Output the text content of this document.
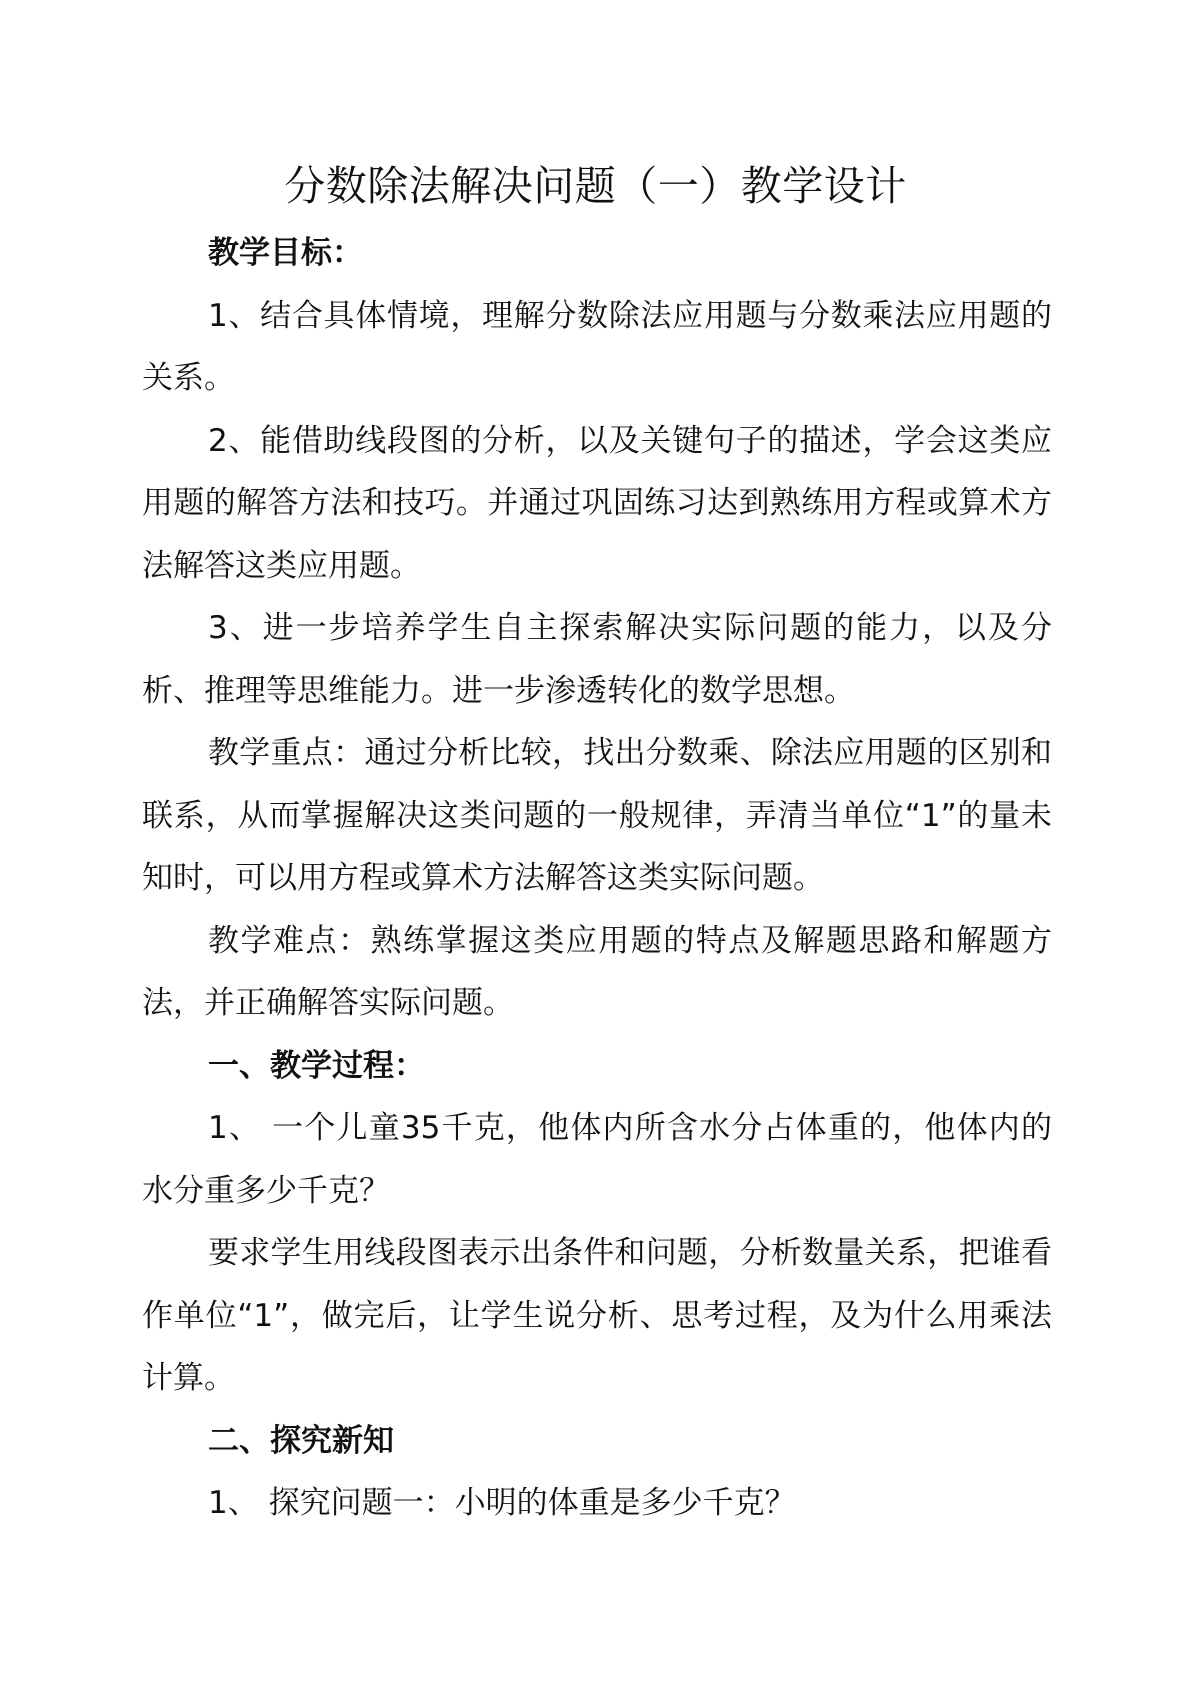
分数除法解决问题（一）教学设计

教学目标：

1、结合具体情境，理解分数除法应用题与分数乘法应用题的关系。

2、能借助线段图的分析，以及关键句子的描述，学会这类应用题的解答方法和技巧。并通过巩固练习达到熟练用方程或算术方法解答这类应用题。

3、进一步培养学生自主探索解决实际问题的能力，以及分析、推理等思维能力。进一步渗透转化的数学思想。

教学重点：通过分析比较，找出分数乘、除法应用题的区别和联系，从而掌握解决这类问题的一般规律，弄清当单位“1”的量未知时，可以用方程或算术方法解答这类实际问题。

教学难点：熟练掌握这类应用题的特点及解题思路和解题方法，并正确解答实际问题。

一、教学过程：

1、 一个儿童35千克，他体内所含水分占体重的，他体内的水分重多少千克？

要求学生用线段图表示出条件和问题，分析数量关系，把谁看作单位“1”，做完后，让学生说分析、思考过程，及为什么用乘法计算。

二、探究新知

1、 探究问题一：小明的体重是多少千克？
